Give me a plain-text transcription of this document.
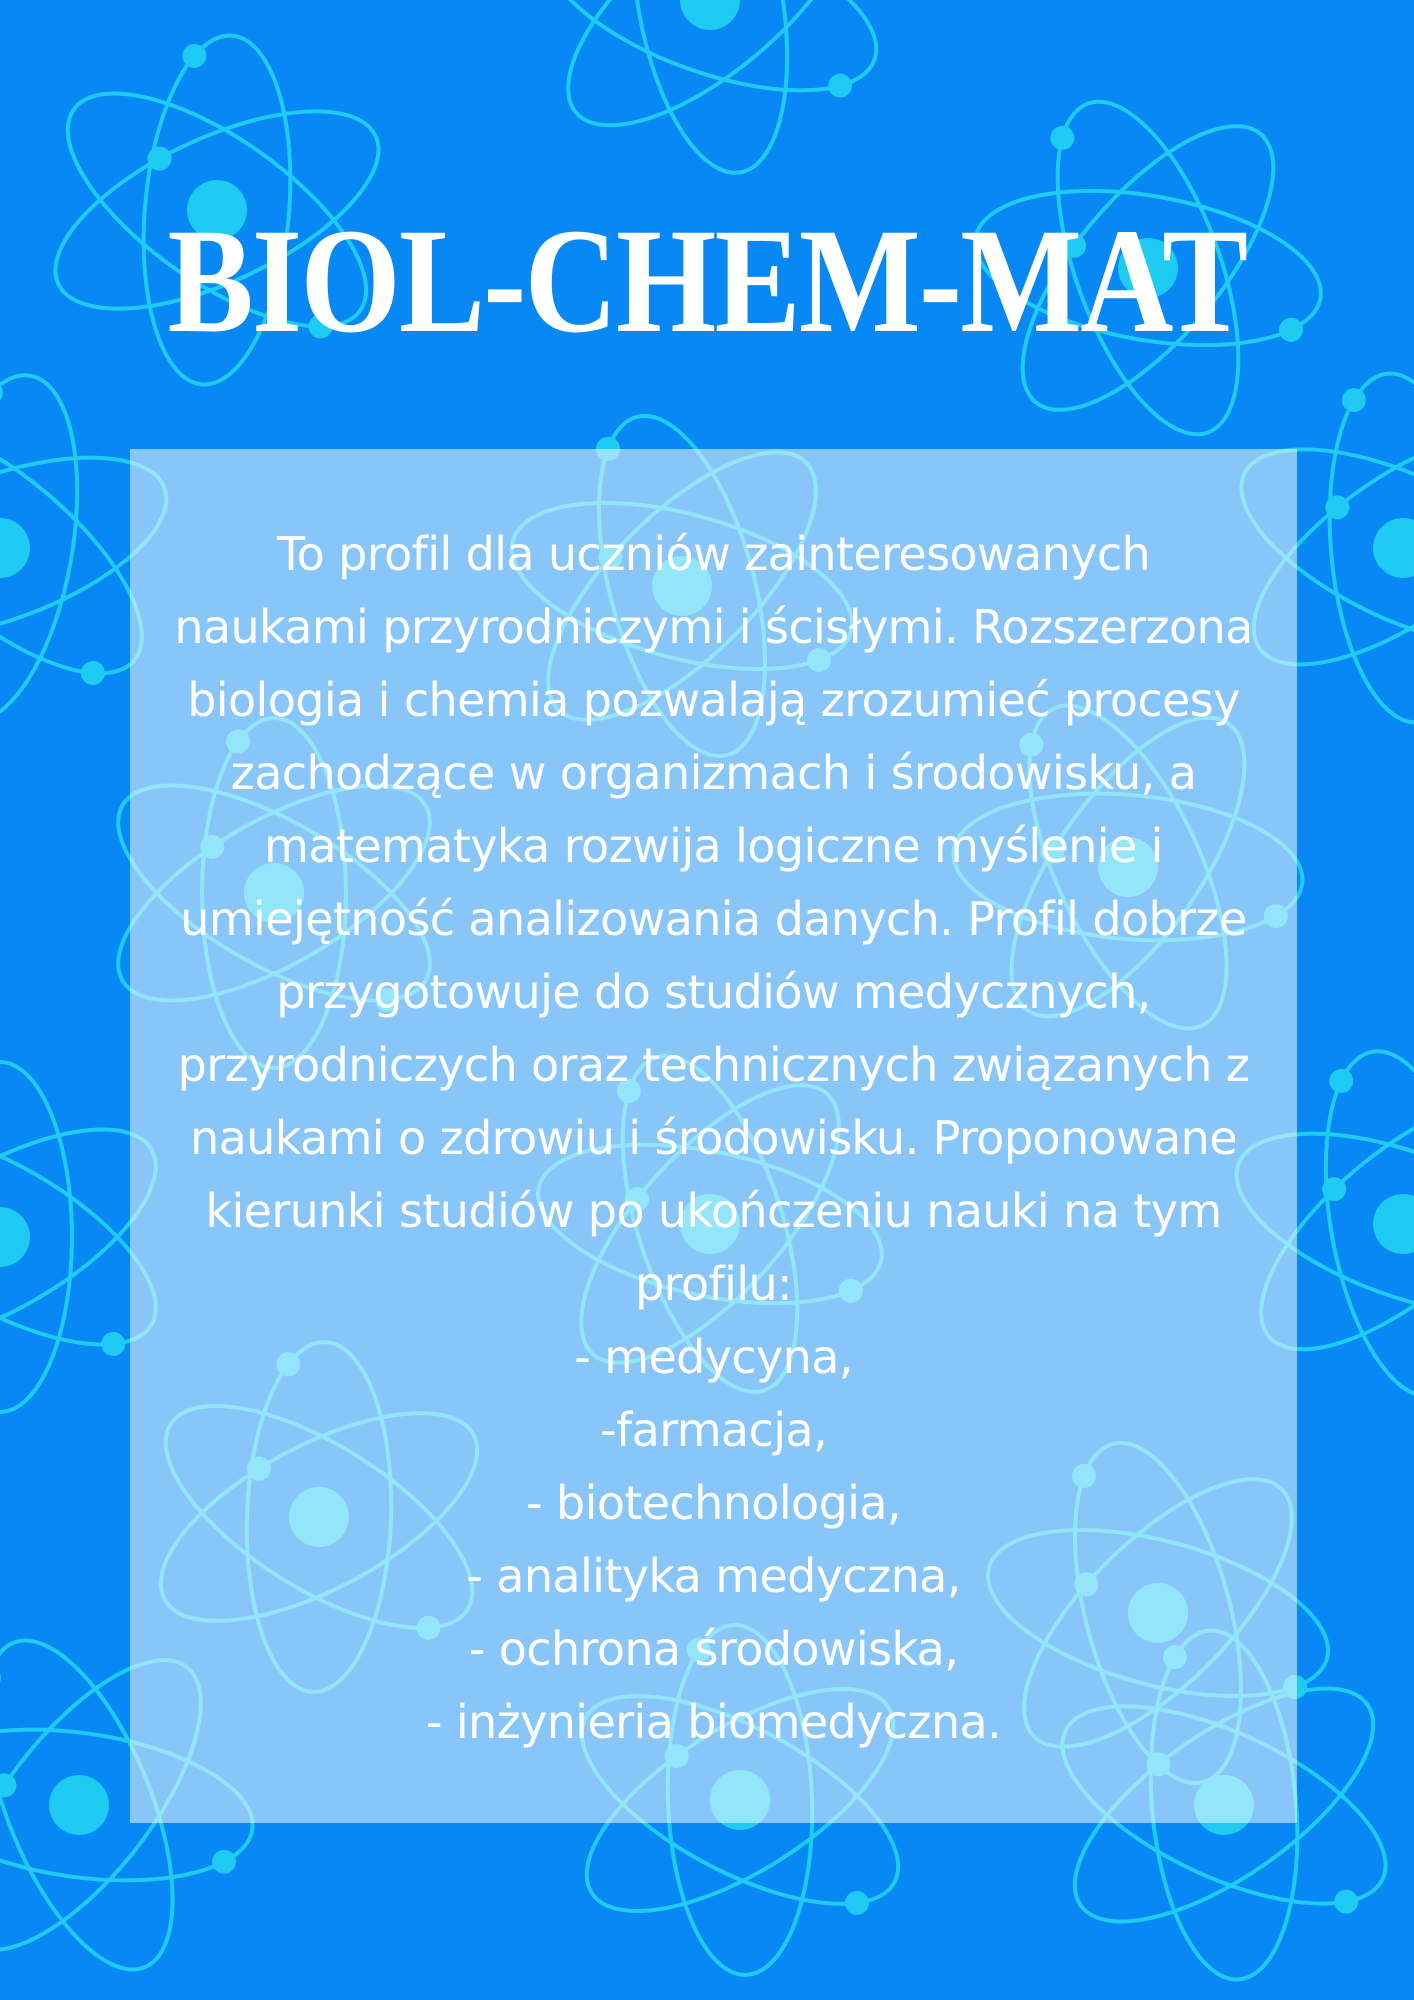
BIOL-CHEM-MAT
To profil dla uczniów zainteresowanych
naukami przyrodniczymi i ścisłymi. Rozszerzona
biologia i chemia pozwalają zrozumieć procesy
zachodzące w organizmach i środowisku, a
matematyka rozwija logiczne myślenie i
umiejętność analizowania danych. Profil dobrze
przygotowuje do studiów medycznych,
przyrodniczych oraz technicznych związanych z
naukami o zdrowiu i środowisku. Proponowane
kierunki studiów po ukończeniu nauki na tym
profilu:
- medycyna,
-farmacja,
- biotechnologia,
- analityka medyczna,
- ochrona środowiska,
- inżynieria biomedyczna.
